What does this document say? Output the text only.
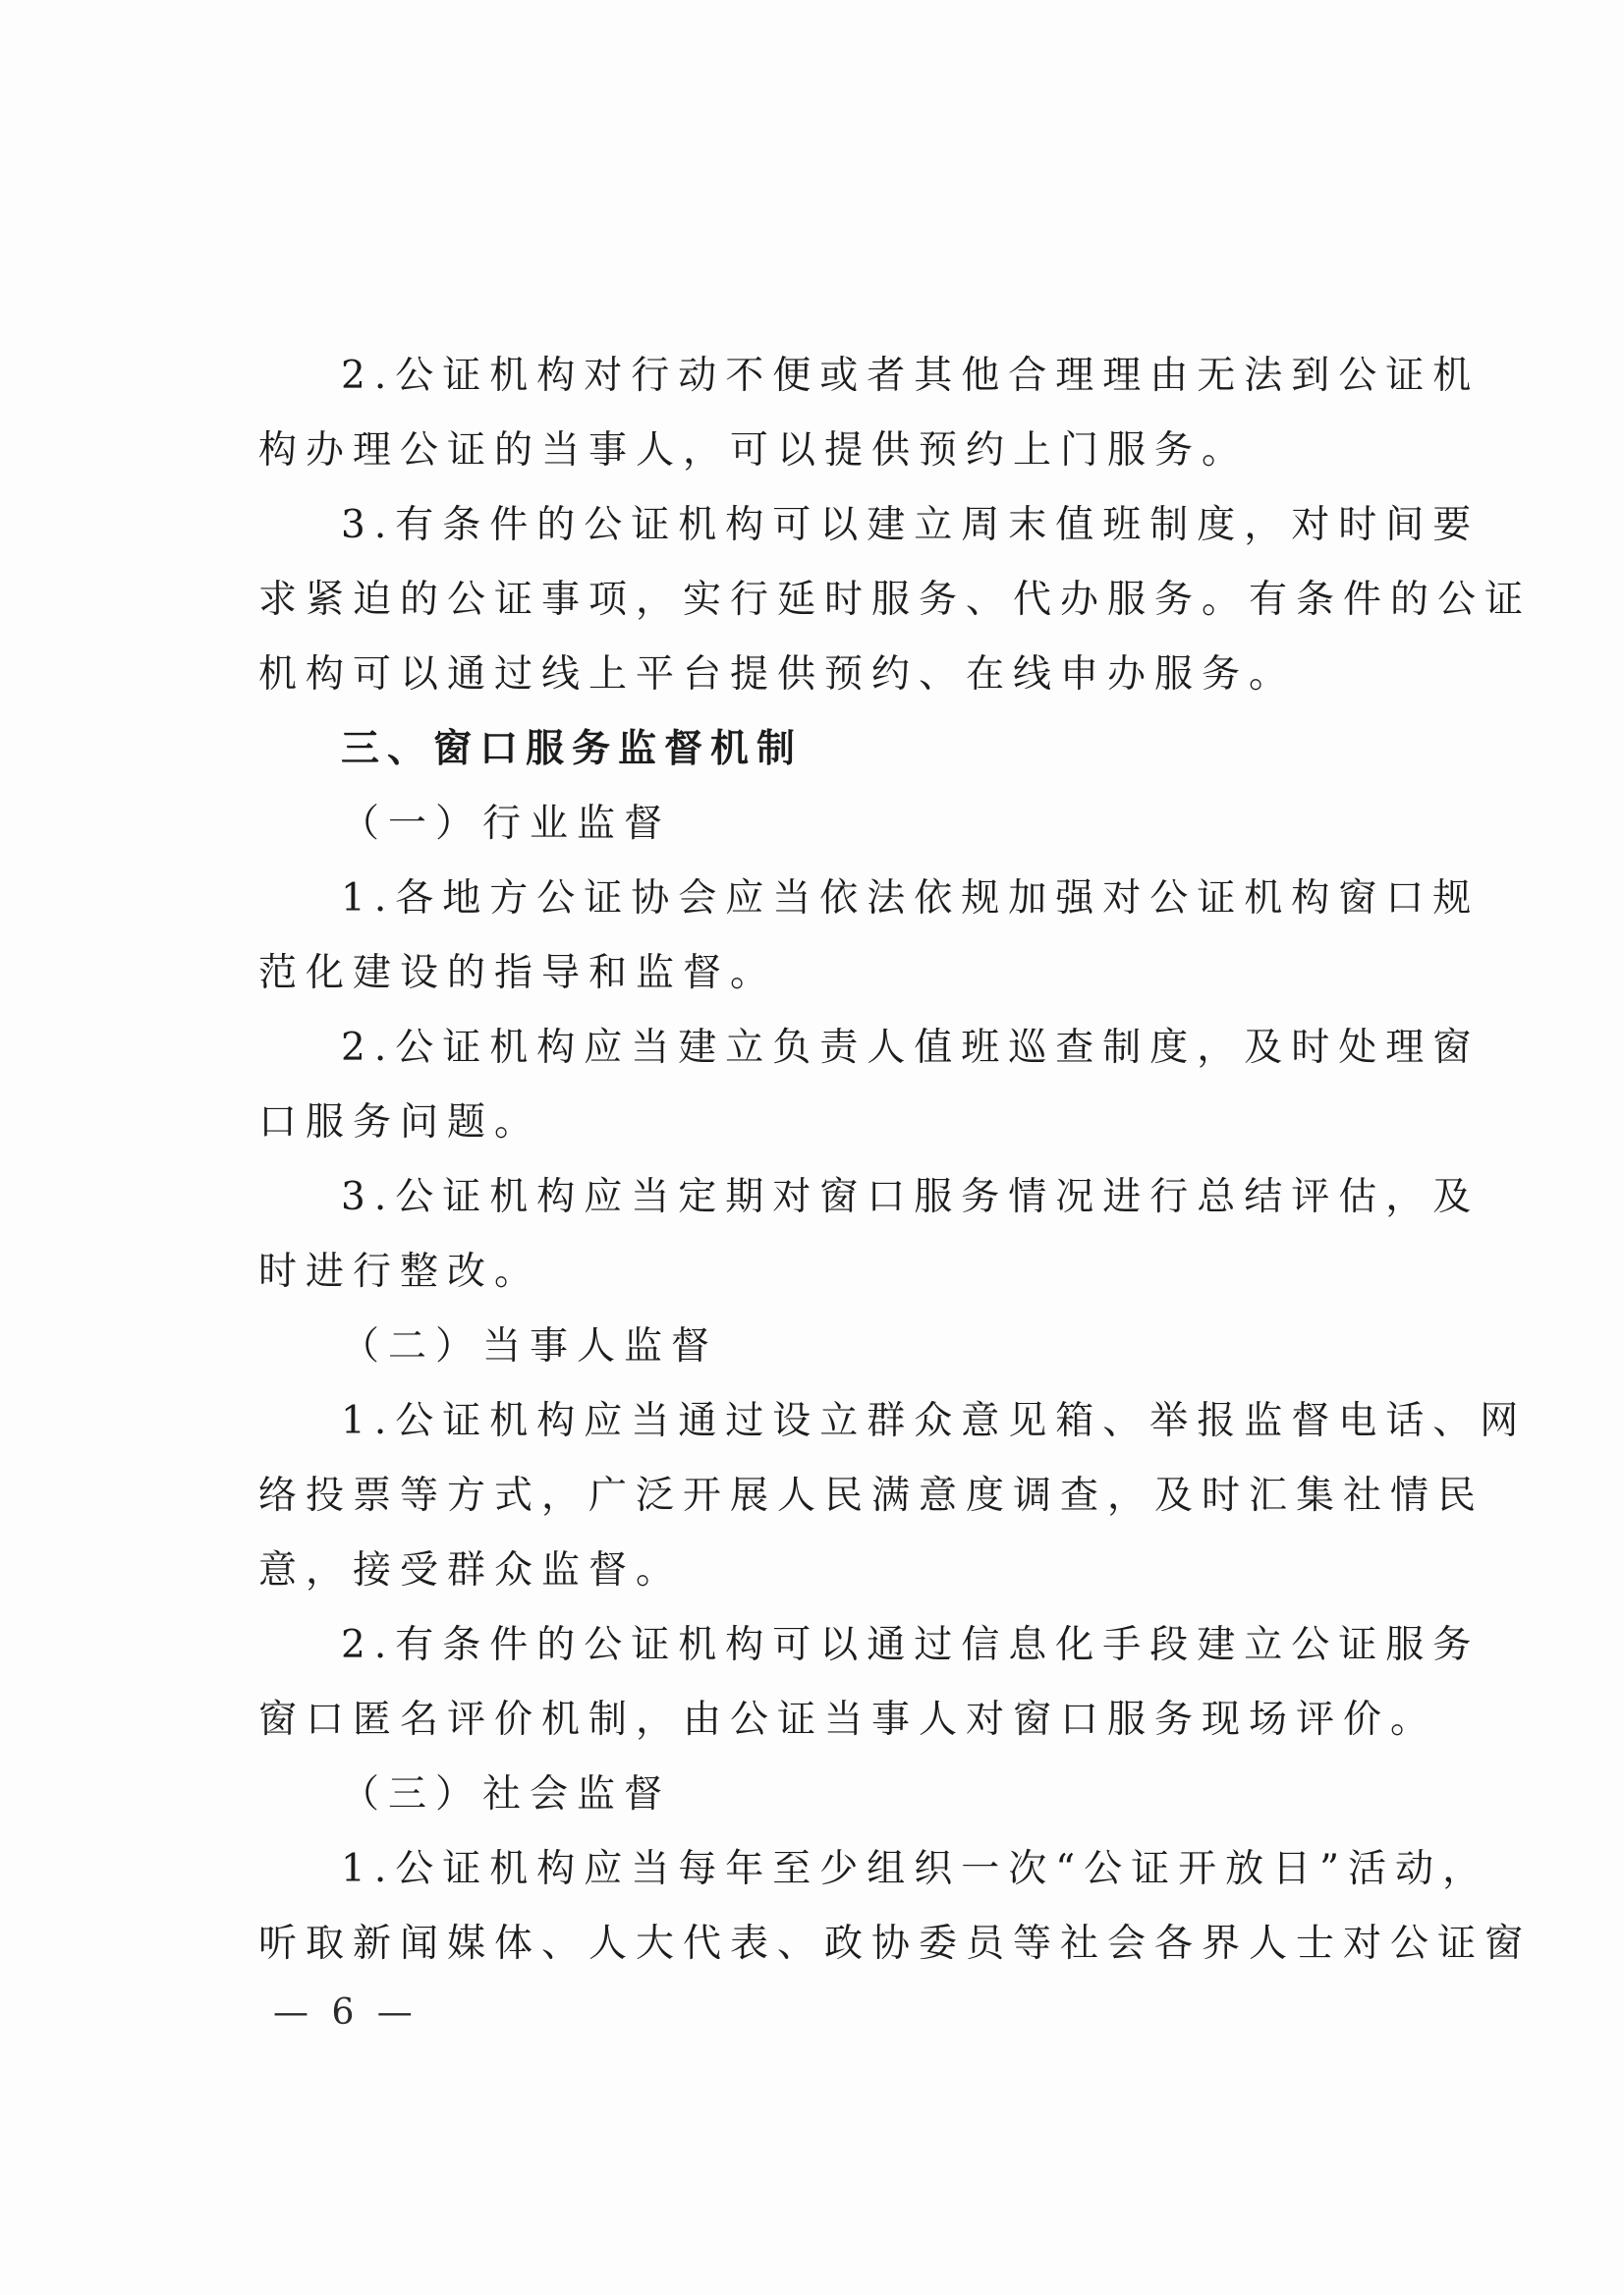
2.公证机构对行动不便或者其他合理理由无法到公证机
构办理公证的当事人，可以提供预约上门服务。
3.有条件的公证机构可以建立周末值班制度，对时间要
求紧迫的公证事项，实行延时服务、代办服务。有条件的公证
机构可以通过线上平台提供预约、在线申办服务。
三、窗口服务监督机制
（一）行业监督
1.各地方公证协会应当依法依规加强对公证机构窗口规
范化建设的指导和监督。
2.公证机构应当建立负责人值班巡查制度，及时处理窗
口服务问题。
3.公证机构应当定期对窗口服务情况进行总结评估，及
时进行整改。
（二）当事人监督
1.公证机构应当通过设立群众意见箱、举报监督电话、网
络投票等方式，广泛开展人民满意度调查，及时汇集社情民
意，接受群众监督。
2.有条件的公证机构可以通过信息化手段建立公证服务
窗口匿名评价机制，由公证当事人对窗口服务现场评价。
（三）社会监督
1.公证机构应当每年至少组织一次“公证开放日”活动，
听取新闻媒体、人大代表、政协委员等社会各界人士对公证窗
— 6 —
